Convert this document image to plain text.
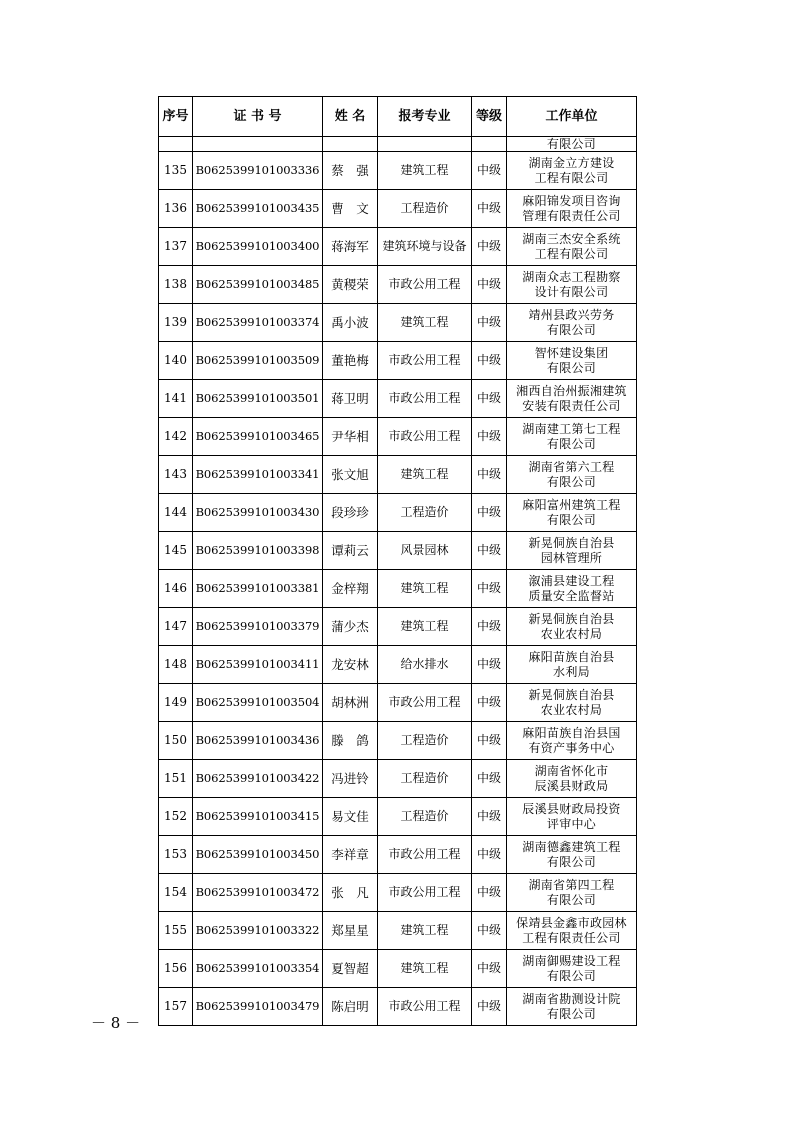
序号	证 书 号	姓 名	报考专业	等级	工作单位
					有限公司
135	B0625399101003336	蔡　强	建筑工程	中级	湖南金立方建设
工程有限公司

136	B0625399101003435	曹　文	工程造价	中级	麻阳锦发项目咨询
管理有限责任公司

137	B0625399101003400	蒋海军	建筑环境与设备	中级	湖南三杰安全系统
工程有限公司

138	B0625399101003485	黄稷荣	市政公用工程	中级	湖南众志工程勘察
设计有限公司

139	B0625399101003374	禹小波	建筑工程	中级	靖州县政兴劳务
有限公司

140	B0625399101003509	董艳梅	市政公用工程	中级	智怀建设集团
有限公司

141	B0625399101003501	蒋卫明	市政公用工程	中级	湘西自治州振湘建筑
安装有限责任公司

142	B0625399101003465	尹华相	市政公用工程	中级	湖南建工第七工程
有限公司

143	B0625399101003341	张文旭	建筑工程	中级	湖南省第六工程
有限公司

144	B0625399101003430	段珍珍	工程造价	中级	麻阳富州建筑工程
有限公司

145	B0625399101003398	谭莉云	风景园林	中级	新晃侗族自治县
园林管理所

146	B0625399101003381	金梓翔	建筑工程	中级	溆浦县建设工程
质量安全监督站

147	B0625399101003379	蒲少杰	建筑工程	中级	新晃侗族自治县
农业农村局

148	B0625399101003411	龙安林	给水排水	中级	麻阳苗族自治县
水利局

149	B0625399101003504	胡林洲	市政公用工程	中级	新晃侗族自治县
农业农村局

150	B0625399101003436	滕　鸽	工程造价	中级	麻阳苗族自治县国
有资产事务中心

151	B0625399101003422	冯进铃	工程造价	中级	湖南省怀化市
辰溪县财政局

152	B0625399101003415	易文佳	工程造价	中级	辰溪县财政局投资
评审中心

153	B0625399101003450	李祥章	市政公用工程	中级	湖南德鑫建筑工程
有限公司

154	B0625399101003472	张　凡	市政公用工程	中级	湖南省第四工程
有限公司

155	B0625399101003322	郑星星	建筑工程	中级	保靖县金鑫市政园林
工程有限责任公司

156	B0625399101003354	夏智超	建筑工程	中级	湖南御赐建设工程
有限公司

157	B0625399101003479	陈启明	市政公用工程	中级	湖南省勘测设计院
有限公司
－ 8 －
